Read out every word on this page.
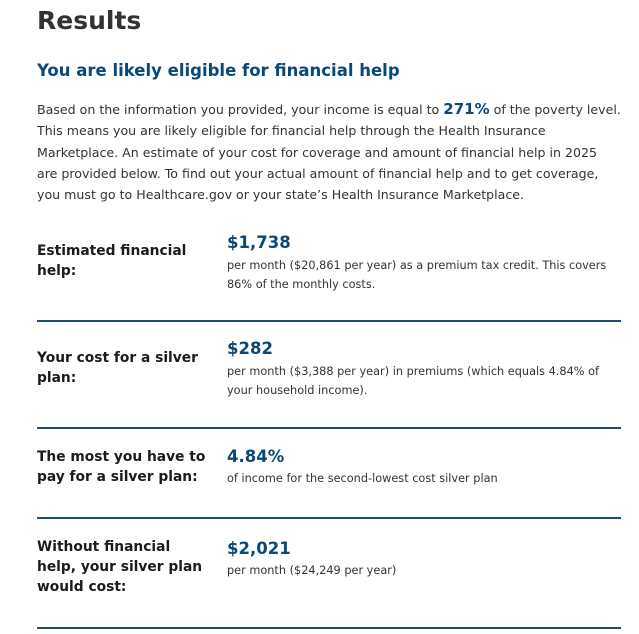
Results
You are likely eligible for financial help

Based on the information you provided, your income is equal to 271% of the poverty level. This means you are likely eligible for financial help through the Health Insurance Marketplace. An estimate of your cost for coverage and amount of financial help in 2025 are provided below. To find out your actual amount of financial help and to get coverage, you must go to Healthcare.gov or your state’s Health Insurance Marketplace.

Estimated financial help:
$1,738
per month ($20,861 per year) as a premium tax credit. This covers 86% of the monthly costs.
Your cost for a silver plan:
$282
per month ($3,388 per year) in premiums (which equals 4.84% of your household income).
The most you have to pay for a silver plan:
4.84%
of income for the second-lowest cost silver plan
Without financial help, your silver plan would cost:
$2,021
per month ($24,249 per year)
